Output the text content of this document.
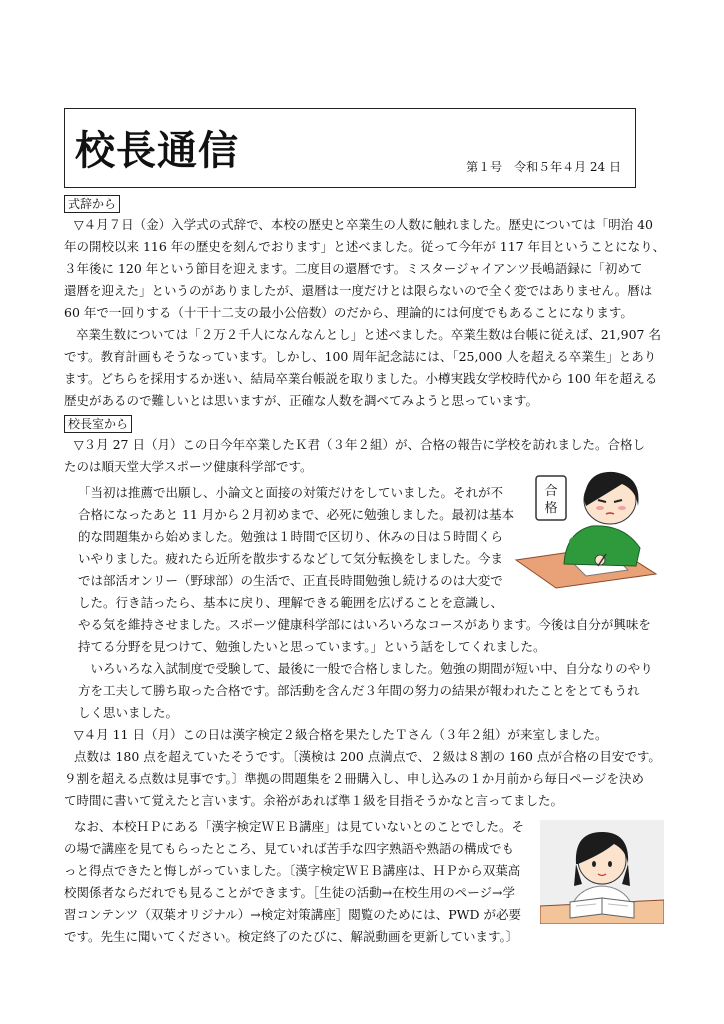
校長通信	第１号　令和５年４月 24 日
式辞から
▽４月７日（金）入学式の式辞で、本校の歴史と卒業生の人数に触れました。歴史については「明治 40
年の開校以来 116 年の歴史を刻んでおります」と述べました。従って今年が 117 年目ということになり、
３年後に 120 年という節目を迎えます。二度目の還暦です。ミスタージャイアンツ長嶋語録に「初めて
還暦を迎えた」というのがありましたが、還暦は一度だけとは限らないので全く変ではありません。暦は
60 年で一回りする（十干十二支の最小公倍数）のだから、理論的には何度でもあることになります。
卒業生数については「２万２千人になんなんとし」と述べました。卒業生数は台帳に従えば、21,907 名
です。教育計画もそうなっています。しかし、100 周年記念誌には、「25,000 人を超える卒業生」とあり
ます。どちらを採用するか迷い、結局卒業台帳説を取りました。小樽実践女学校時代から 100 年を超える
歴史があるので難しいとは思いますが、正確な人数を調べてみようと思っています。
校長室から
▽３月 27 日（月）この日今年卒業したＫ君（３年２組）が、合格の報告に学校を訪れました。合格し
たのは順天堂大学スポーツ健康科学部です。
「当初は推薦で出願し、小論文と面接の対策だけをしていました。それが不
合格になったあと 11 月から２月初めまで、必死に勉強しました。最初は基本
的な問題集から始めました。勉強は１時間で区切り、休みの日は５時間くら
いやりました。疲れたら近所を散歩するなどして気分転換をしました。今ま
では部活オンリー（野球部）の生活で、正直長時間勉強し続けるのは大変で
した。行き詰ったら、基本に戻り、理解できる範囲を広げることを意識し、
やる気を維持させました。スポーツ健康科学部にはいろいろなコースがあります。今後は自分が興味を
持てる分野を見つけて、勉強したいと思っています。」という話をしてくれました。
　いろいろな入試制度で受験して、最後に一般で合格しました。勉強の期間が短い中、自分なりのやり
方を工夫して勝ち取った合格です。部活動を含んだ３年間の努力の結果が報われたことをとてもうれ
しく思いました。
▽４月 11 日（月）この日は漢字検定２級合格を果たしたＴさん（３年２組）が来室しました。
点数は 180 点を超えていたそうです。〔漢検は 200 点満点で、２級は８割の 160 点が合格の目安です。
９割を超える点数は見事です。〕準拠の問題集を２冊購入し、申し込みの１か月前から毎日ページを決め
て時間に書いて覚えたと言います。余裕があれば準１級を目指そうかなと言ってました。
なお、本校ＨＰにある「漢字検定ＷＥＢ講座」は見ていないとのことでした。そ
の場で講座を見てもらったところ、見ていれば苦手な四字熟語や熟語の構成でも
っと得点できたと悔しがっていました。〔漢字検定ＷＥＢ講座は、ＨＰから双葉高
校関係者ならだれでも見ることができます。［生徒の活動→在校生用のページ→学
習コンテンツ（双葉オリジナル）→検定対策講座］閲覧のためには、PWD が必要
です。先生に聞いてください。検定終了のたびに、解説動画を更新しています。〕
合
格
